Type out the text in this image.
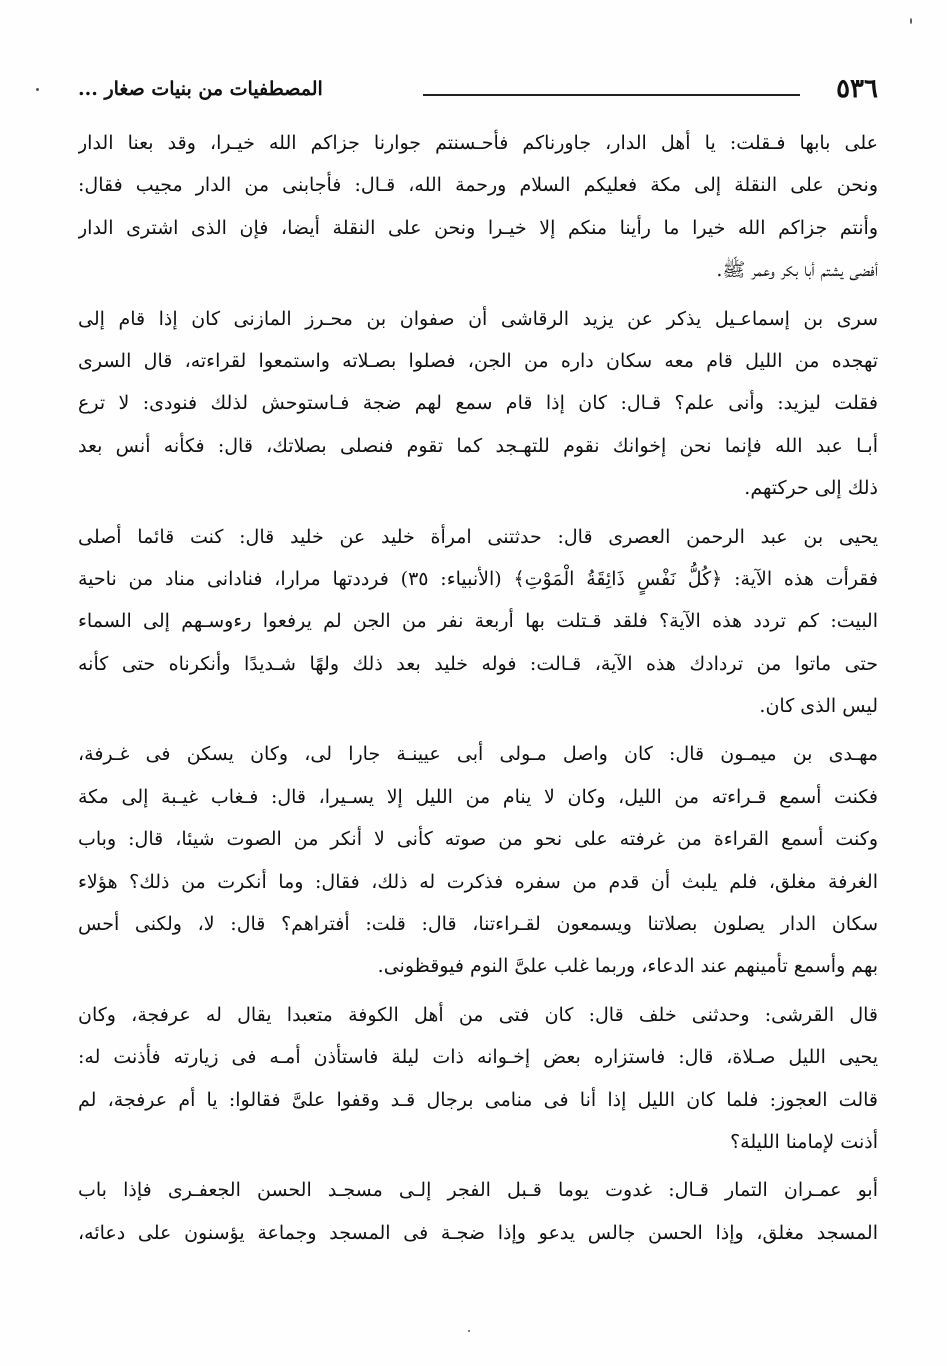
٥٣٦
المصطفيات من بنيات صغار ...
على بابها فـقلت: يا أهل الدار، جاورناكم فأحـسنتم جوارنا جزاكم الله خيـرا، وقد بعنا الدار
ونحن على النقلة إلى مكة فعليكم السلام ورحمة الله، قـال: فأجابنى من الدار مجيب فقال:
وأنتم جزاكم الله خيرا ما رأينا منكم إلا خيـرا ونحن على النقلة أيضا، فإن الذى اشترى الدار
أفضى يشتم أبا بكر وعمر ﷺ.
سرى بن إسماعـيل يذكر عن يزيد الرقاشى أن صفوان بن محـرز المازنى كان إذا قام إلى
تهجده من الليل قام معه سكان داره من الجن، فصلوا بصـلاته واستمعوا لقراءته، قال السرى
فقلت ليزيد: وأنى علم؟ قـال: كان إذا قام سمع لهم ضجة فـاستوحش لذلك فنودى: لا ترع
أبـا عبد الله فإنما نحن إخوانك نقوم للتهـجد كما تقوم فنصلى بصلاتك، قال: فكأنه أنس بعد
ذلك إلى حركتهم.
يحيى بن عبد الرحمن العصرى قال: حدثتنى امرأة خليد عن خليد قال: كنت قائما أصلى
فقرأت هذه الآية: ﴿كُلُّ نَفْسٍ ذَائِقَةُ الْمَوْتِ﴾ (الأنبياء: ٣٥) فرددتها مرارا، فنادانى مناد من ناحية
البيت: كم تردد هذه الآية؟ فلقد قـتلت بها أربعة نفر من الجن لم يرفعوا رءوسـهم إلى السماء
حتى ماتوا من تردادك هذه الآية، قـالت: فوله خليد بعد ذلك ولهًا شـديدًا وأنكرناه حتى كأنه
ليس الذى كان.
مهـدى بن ميمـون قال: كان واصل مـولى أبى عيينـة جارا لى، وكان يسكن فى غـرفة،
فكنت أسمع قـراءته من الليل، وكان لا ينام من الليل إلا يسـيرا، قال: فـغاب غيـبة إلى مكة
وكنت أسمع القراءة من غرفته على نحو من صوته كأنى لا أنكر من الصوت شيئا، قال: وباب
الغرفة مغلق، فلم يلبث أن قدم من سفره فذكرت له ذلك، فقال: وما أنكرت من ذلك؟ هؤلاء
سكان الدار يصلون بصلاتنا ويسمعون لقـراءتنا، قال: قلت: أفتراهم؟ قال: لا، ولكنى أحس
بهم وأسمع تأمينهم عند الدعاء، وربما غلب علىَّ النوم فيوقظونى.
قال القرشى: وحدثنى خلف قال: كان فتى من أهل الكوفة متعبدا يقال له عرفجة، وكان
يحيى الليل صـلاة، قال: فاستزاره بعض إخـوانه ذات ليلة فاستأذن أمـه فى زيارته فأذنت له:
قالت العجوز: فلما كان الليل إذا أنا فى منامى برجال قـد وقفوا علىَّ فقالوا: يا أم عرفجة، لم
أذنت لإمامنا الليلة؟
أبو عمـران التمار قـال: غدوت يوما قـبل الفجر إلـى مسجـد الحسن الجعفـرى فإذا باب
المسجد مغلق، وإذا الحسن جالس يدعو وإذا ضجـة فى المسجد وجماعة يؤسنون على دعائه،
